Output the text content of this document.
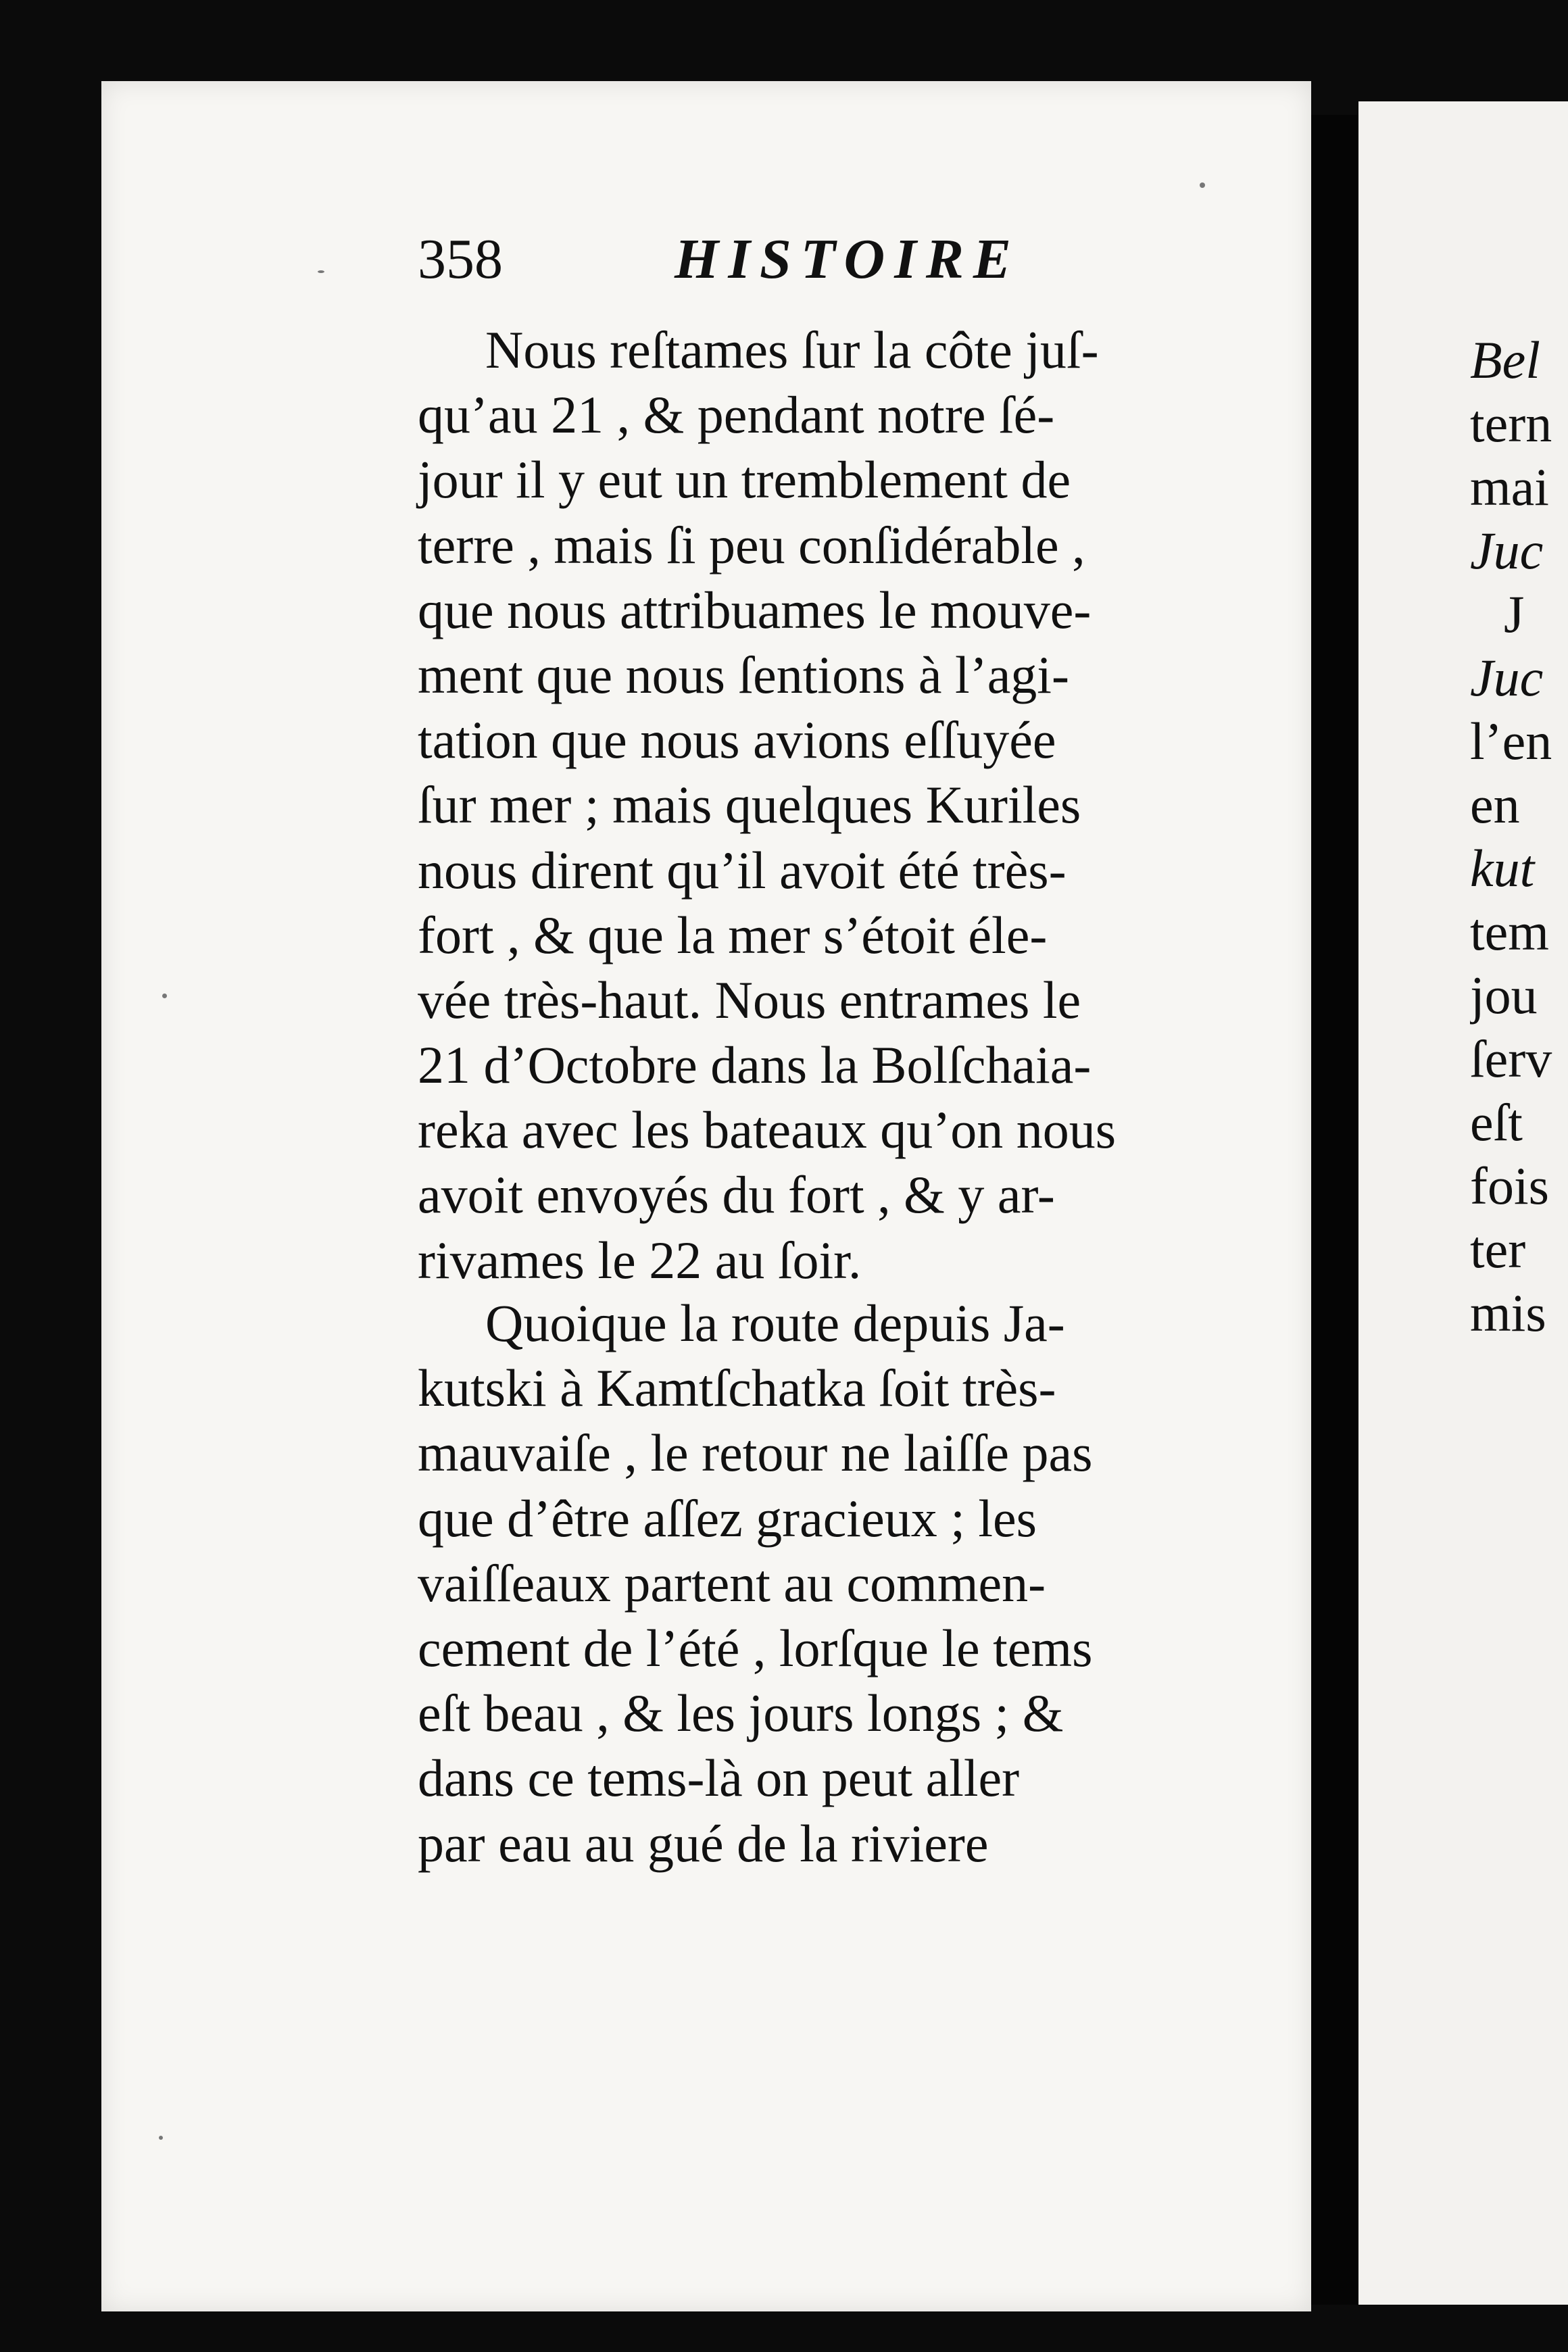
358	HISTOIRE
Nous reſtames ſur la côte juſ-
qu’au 21 , & pendant notre ſé-
jour il y eut un tremblement de
terre , mais ſi peu conſidérable ,
que nous attribuames le mouve-
ment que nous ſentions à l’agi-
tation que nous avions eſſuyée
ſur mer ; mais quelques Kuriles
nous dirent qu’il avoit été très-
fort , & que la mer s’étoit éle-
vée très-haut. Nous entrames le
21 d’Octobre dans la Bolſchaia-
reka avec les bateaux qu’on nous
avoit envoyés du fort , & y ar-
rivames le 22 au ſoir.
Quoique la route depuis Ja-
kutski à Kamtſchatka ſoit très-
mauvaiſe , le retour ne laiſſe pas
que d’être aſſez gracieux ; les
vaiſſeaux partent au commen-
cement de l’été , lorſque le tems
eſt beau , & les jours longs ; &
dans ce tems-là on peut aller
par eau au gué de la riviere
Bel
tern
mai
Juc
J
Juc
l’en
en
kut
tem
jou
ſerv
eſt
fois
ter
mis
